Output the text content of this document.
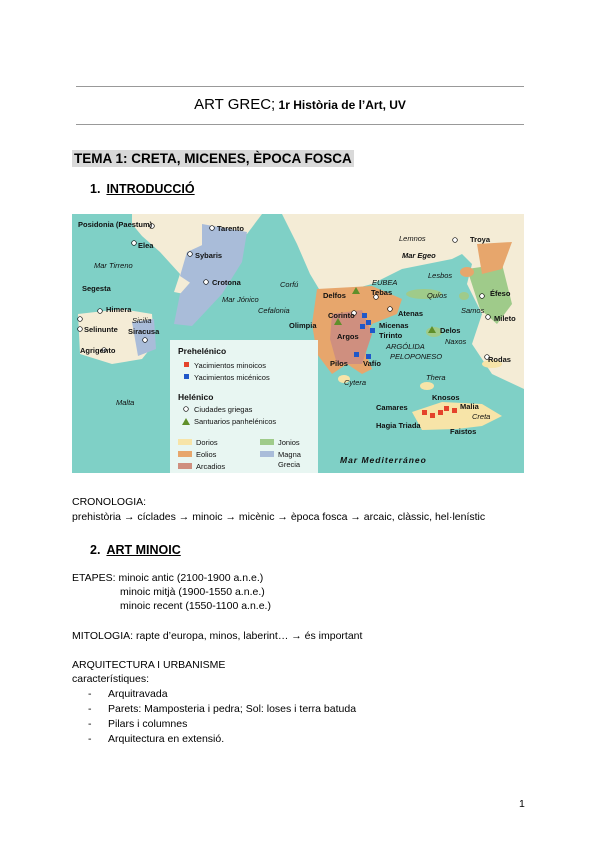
ART GREC; 1r Història de l’Art, UV
TEMA 1: CRETA, MICENES, ÈPOCA FOSCA
1. INTRODUCCIÓ
Posidonia (Paestum)	Tarento
Elea
Sybaris
Mar Tirreno
Crotona
Mar Jónico
Segesta
Himera
Sicilia
Selinunte Siracusa
Agrigento
Malta
Corfú
Cefalonia
Delfos	Tebas
EUBEA
Olimpia
Corinto
Micenas
Argos	Tirinto
Atenas
ARGÓLIDA
PELOPONESO
Pilos Vafío
Cytera
Lemnos	Troya
Mar Egeo
Lesbos
Quíos	Éfeso
Samos
Mileto
Delos
Naxos
Thera
Rodas
Knosos
Malia
Camares
Creta
Hagia Triada
Faistos
Mar Mediterráneo
Prehelénico
Yacimientos minoicos
Yacimientos micénicos
Helénico
Ciudades griegas
Santuarios panhelénicos
Dorios	Jonios
Eolios	Magna
Arcadios	Grecia
CRONOLOGIA:
prehistòria → cíclades → minoic → micènic → època fosca → arcaic, clàssic, hel·lenístic
2. ART MINOIC
ETAPES: minoic antic (2100-1900 a.n.e.)
minoic mitjà (1900-1550 a.n.e.)
minoic recent (1550-1100 a.n.e.)
MITOLOGIA: rapte d’europa, minos, laberint… → és important
ARQUITECTURA I URBANISME
característiques:
- Arquitravada
- Parets: Mamposteria i pedra; Sol: loses i terra batuda
- Pilars i columnes
- Arquitectura en extensió.
1
